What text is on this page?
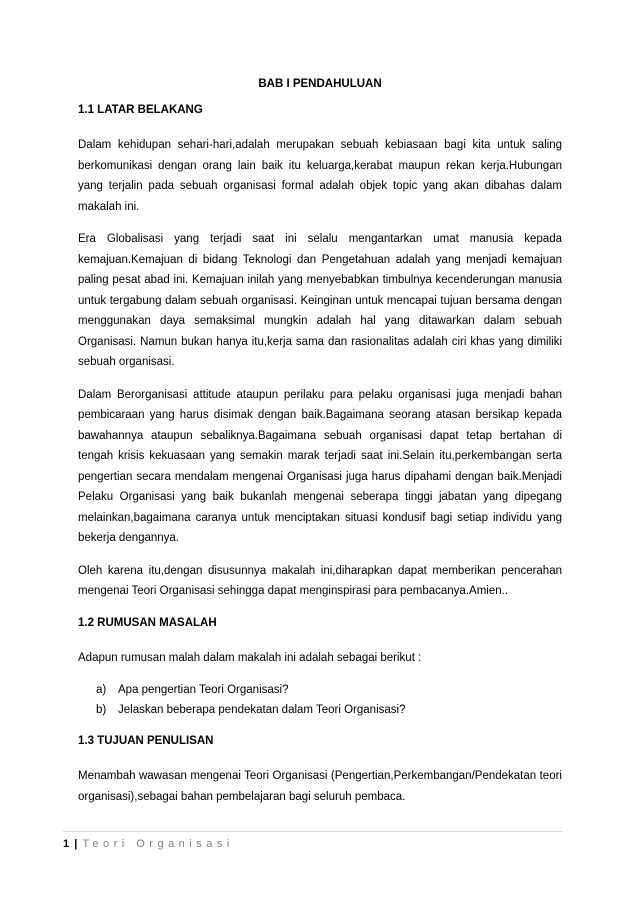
BAB I PENDAHULUAN
1.1 LATAR BELAKANG

Dalam kehidupan sehari-hari,adalah merupakan sebuah kebiasaan bagi kita untuk saling berkomunikasi dengan orang lain baik itu keluarga,kerabat maupun rekan kerja.Hubungan yang terjalin pada sebuah organisasi formal adalah objek topic yang akan dibahas dalam makalah ini.

Era Globalisasi yang terjadi saat ini selalu mengantarkan umat manusia kepada kemajuan.Kemajuan di bidang Teknologi dan Pengetahuan adalah yang menjadi kemajuan paling pesat abad ini. Kemajuan inilah yang menyebabkan timbulnya kecenderungan manusia untuk tergabung dalam sebuah organisasi. Keinginan untuk mencapai tujuan bersama dengan menggunakan daya semaksimal mungkin adalah hal yang ditawarkan dalam sebuah Organisasi. Namun bukan hanya itu,kerja sama dan rasionalitas adalah ciri khas yang dimiliki sebuah organisasi.

Dalam Berorganisasi attitude ataupun perilaku para pelaku organisasi juga menjadi bahan pembicaraan yang harus disimak dengan baik.Bagaimana seorang atasan bersikap kepada bawahannya ataupun sebaliknya.Bagaimana sebuah organisasi dapat tetap bertahan di tengah krisis kekuasaan yang semakin marak terjadi saat ini.Selain itu,perkembangan serta pengertian secara mendalam mengenai Organisasi juga harus dipahami dengan baik.Menjadi Pelaku Organisasi yang baik bukanlah mengenai seberapa tinggi jabatan yang dipegang melainkan,bagaimana caranya untuk menciptakan situasi kondusif bagi setiap individu yang bekerja dengannya.

Oleh karena itu,dengan disusunnya makalah ini,diharapkan dapat memberikan pencerahan mengenai Teori Organisasi sehingga dapat menginspirasi para pembacanya.Amien..

1.2 RUMUSAN MASALAH

Adapun rumusan malah dalam makalah ini adalah sebagai berikut :

a)	Apa pengertian Teori Organisasi?
b)	Jelaskan beberapa pendekatan dalam Teori Organisasi?
1.3 TUJUAN PENULISAN

Menambah wawasan mengenai Teori Organisasi (Pengertian,Perkembangan/Pendekatan teori organisasi),sebagai bahan pembelajaran bagi seluruh pembaca.

1 | Teori Organisasi
